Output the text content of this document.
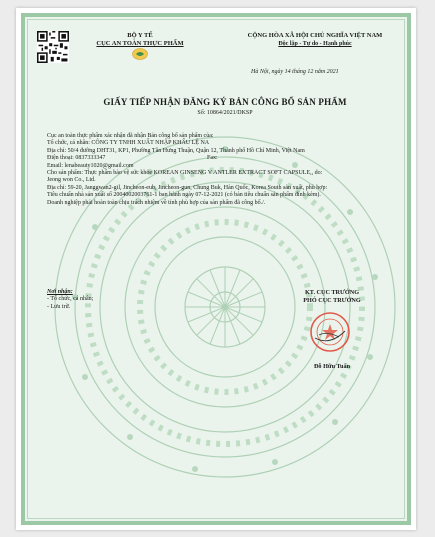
BỘ Y TẾ
CỤC AN TOÀN THỰC PHẨM
CỘNG HÒA XÃ HỘI CHỦ NGHĨA VIỆT NAM
Độc lập - Tự do - Hạnh phúc
Hà Nội, ngày 14 tháng 12 năm 2021
GIẤY TIẾP NHẬN ĐĂNG KÝ BẢN CÔNG BỐ SẢN PHẨM
Số: 10864/2021/DKSP

Cục an toàn thực phẩm xác nhận đã nhận Bản công bố sản phẩm của:

Tổ chức, cá nhân: CÔNG TY TNHH XUẤT NHẬP KHẨU LỆ NA

Địa chỉ: 50/4 đường DHT31, KP1, Phường Tân Hưng Thuận, Quận 12, Thành phố Hồ Chí Minh, Việt Nam

Điện thoại: 0837333347	Fax:

Email: lenabeauty1020@gmail.com

Cho sản phẩm: Thực phẩm bảo vệ sức khỏe KOREAN GINSENG V ANTLER EXTRACT SOFT CAPSULE,, do:

Jeong won Co., Ltd.

Địa chỉ: 59-20, Janggwan2-gil, Jincheon-eub, Jincheon-gun, Chung Buk, Hàn Quốc, Korea South sản xuất, phù hợp:

Tiêu chuẩn nhà sản xuất số 2004002003761-1 ban hành ngày 07-12-2021 (có bản tiêu chuẩn sản phẩm đính kèm).

Doanh nghiệp phải hoàn toàn chịu trách nhiệm về tính phù hợp của sản phẩm đã công bố./.

Nơi nhận:
- Tổ chức, cá nhân;
- Lưu trữ.
KT. CỤC TRƯỞNG
PHÓ CỤC TRƯỞNG
Đỗ Hữu Tuấn
